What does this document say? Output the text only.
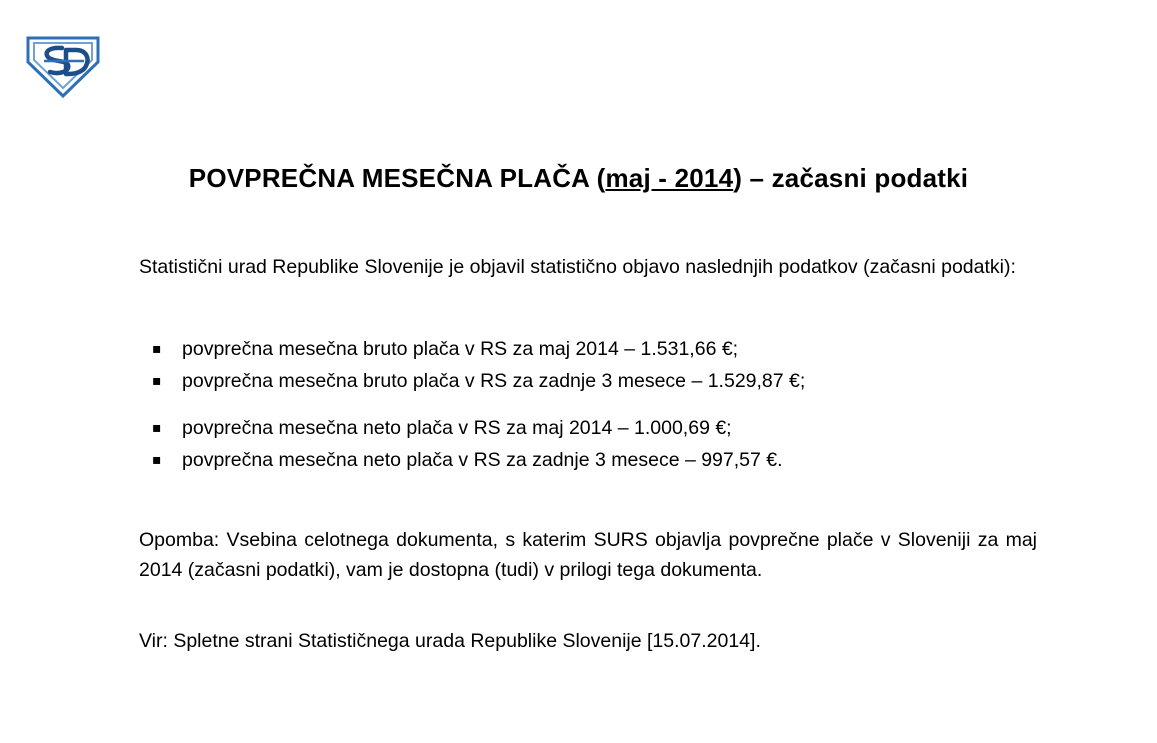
POVPREČNA MESEČNA PLAČA (maj - 2014) – začasni podatki
Statistični urad Republike Slovenije je objavil statistično objavo naslednjih podatkov (začasni podatki):
▪	povprečna mesečna bruto plača v RS za maj 2014 – 1.531,66 €;
▪	povprečna mesečna bruto plača v RS za zadnje 3 mesece – 1.529,87 €;
▪	povprečna mesečna neto plača v RS za maj 2014 – 1.000,69 €;
▪	povprečna mesečna neto plača v RS za zadnje 3 mesece – 997,57 €.
Opomba: Vsebina celotnega dokumenta, s katerim SURS objavlja povprečne plače v Sloveniji za maj 2014 (začasni podatki), vam je dostopna (tudi) v prilogi tega dokumenta.
Vir: Spletne strani Statističnega urada Republike Slovenije [15.07.2014].
